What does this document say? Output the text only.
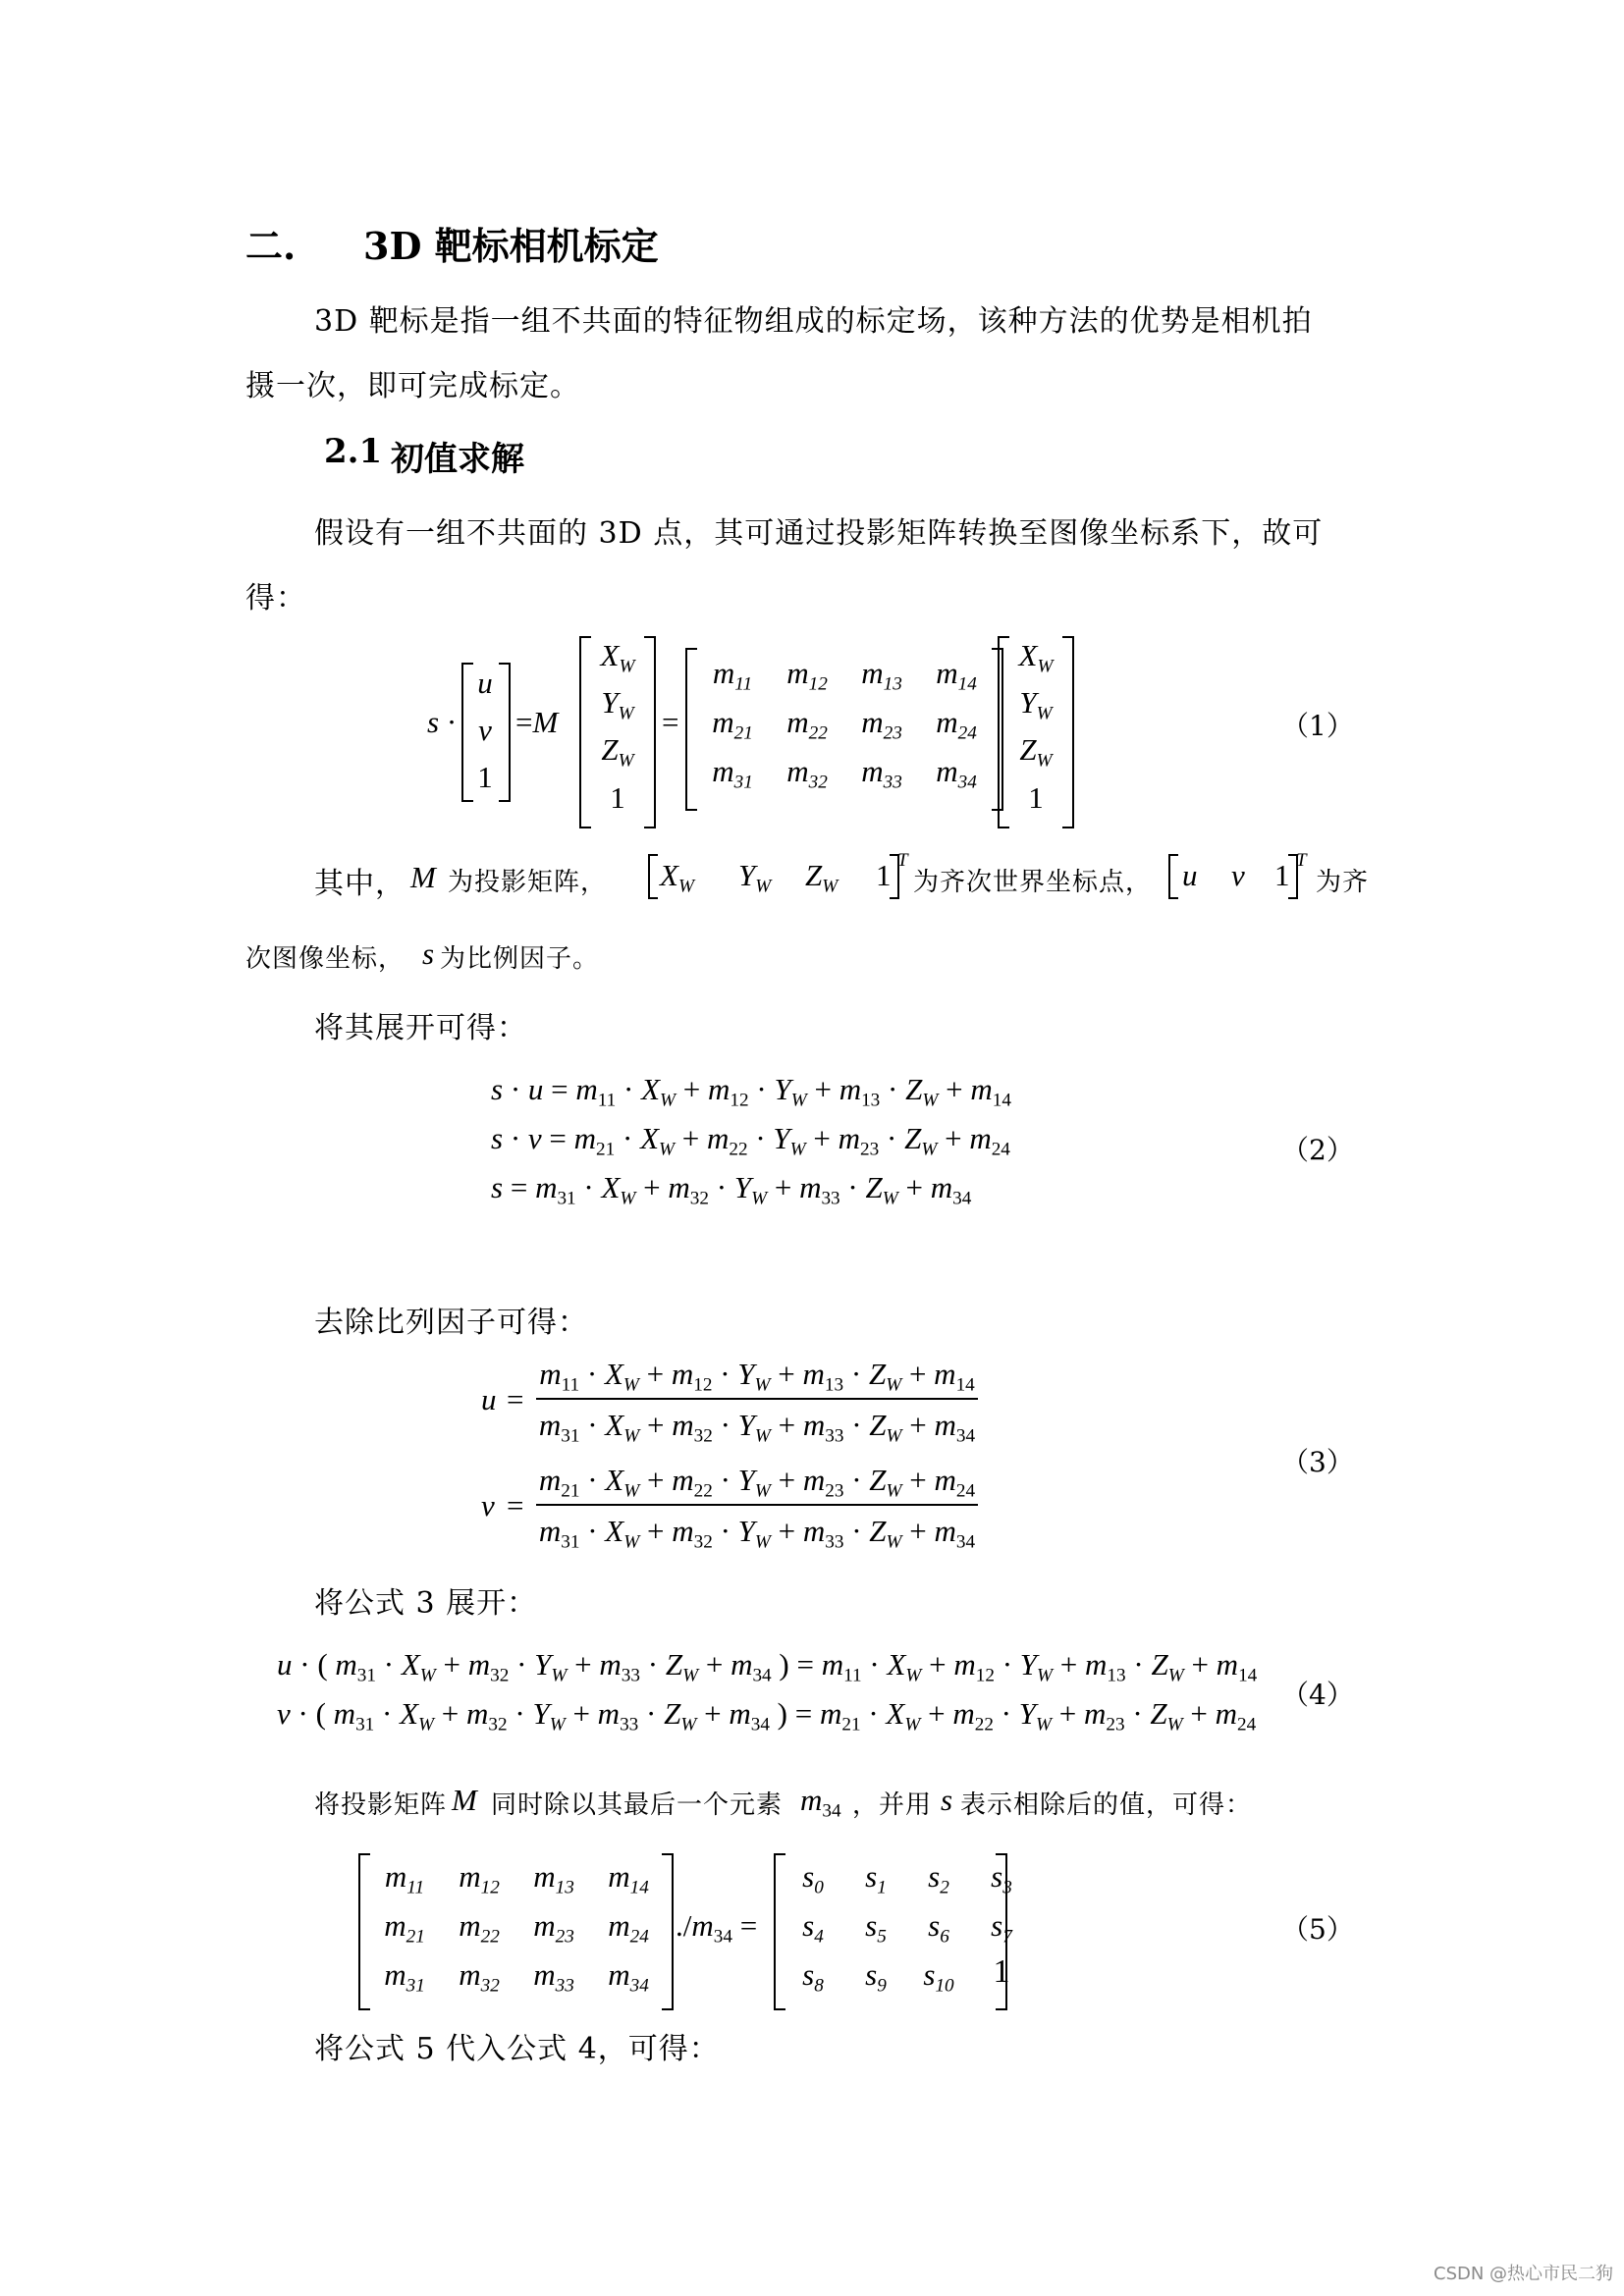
二. 3D 靶标相机标定
3D 靶标是指一组不共面的特征物组成的标定场，该种方法的优势是相机拍
摄一次，即可完成标定。
2.1 初值求解
假设有一组不共面的 3D 点，其可通过投影矩阵转换至图像坐标系下，故可
得：
s ·
u
v
1
=M
$X_W$
$Y_W$
$Z_W$
1
=
$m_{11}$	$m_{12}$	$m_{13}$	$m_{14}$
$m_{21}$	$m_{22}$	$m_{23}$	$m_{24}$
$m_{31}$	$m_{32}$	$m_{33}$	$m_{34}$
$X_W$
$Y_W$
$Z_W$
1
（1）
其中， M 为投影矩阵， $X_W$ $Y_W$ $Z_W$ 1 T
为齐次世界坐标点， u v 1 T
为齐
次图像坐标， s 为比例因子。
将其展开可得：
$s \cdot u = m_{11} \cdot X_W + m_{12} \cdot Y_W + m_{13} \cdot Z_W + m_{14}$
$s \cdot v = m_{21} \cdot X_W + m_{22} \cdot Y_W + m_{23} \cdot Z_W + m_{24}$
$s = m_{31} \cdot X_W + m_{32} \cdot Y_W + m_{33} \cdot Z_W + m_{34}$
（2）
去除比列因子可得：
u =
$m_{11} \cdot X_W + m_{12} \cdot Y_W + m_{13} \cdot Z_W + m_{14}$
$m_{31} \cdot X_W + m_{32} \cdot Y_W + m_{33} \cdot Z_W + m_{34}$
v =
$m_{21} \cdot X_W + m_{22} \cdot Y_W + m_{23} \cdot Z_W + m_{24}$
$m_{31} \cdot X_W + m_{32} \cdot Y_W + m_{33} \cdot Z_W + m_{34}$
（3）
将公式 3 展开：
u · ( $m_{31} \cdot X_W + m_{32} \cdot Y_W + m_{33} \cdot Z_W + m_{34}$ ) = $m_{11} \cdot X_W + m_{12} \cdot Y_W + m_{13} \cdot Z_W + m_{14}$
v · ( $m_{31} \cdot X_W + m_{32} \cdot Y_W + m_{33} \cdot Z_W + m_{34}$ ) = $m_{21} \cdot X_W + m_{22} \cdot Y_W + m_{23} \cdot Z_W + m_{24}$
（4）
将投影矩阵 M 同时除以其最后一个元素 $m_{34}$ ，并用 s 表示相除后的值，可得：
$m_{11}$	$m_{12}$	$m_{13}$	$m_{14}$
$m_{21}$	$m_{22}$	$m_{23}$	$m_{24}$
$m_{31}$	$m_{32}$	$m_{33}$	$m_{34}$
$./m_{34}$ =
$s_0$	$s_1$	$s_2$	$s_3$
$s_4$	$s_5$	$s_6$	$s_7$
$s_8$	$s_9$	$s_{10}$	1
（5）
将公式 5 代入公式 4，可得：
CSDN @热心市民二狗
